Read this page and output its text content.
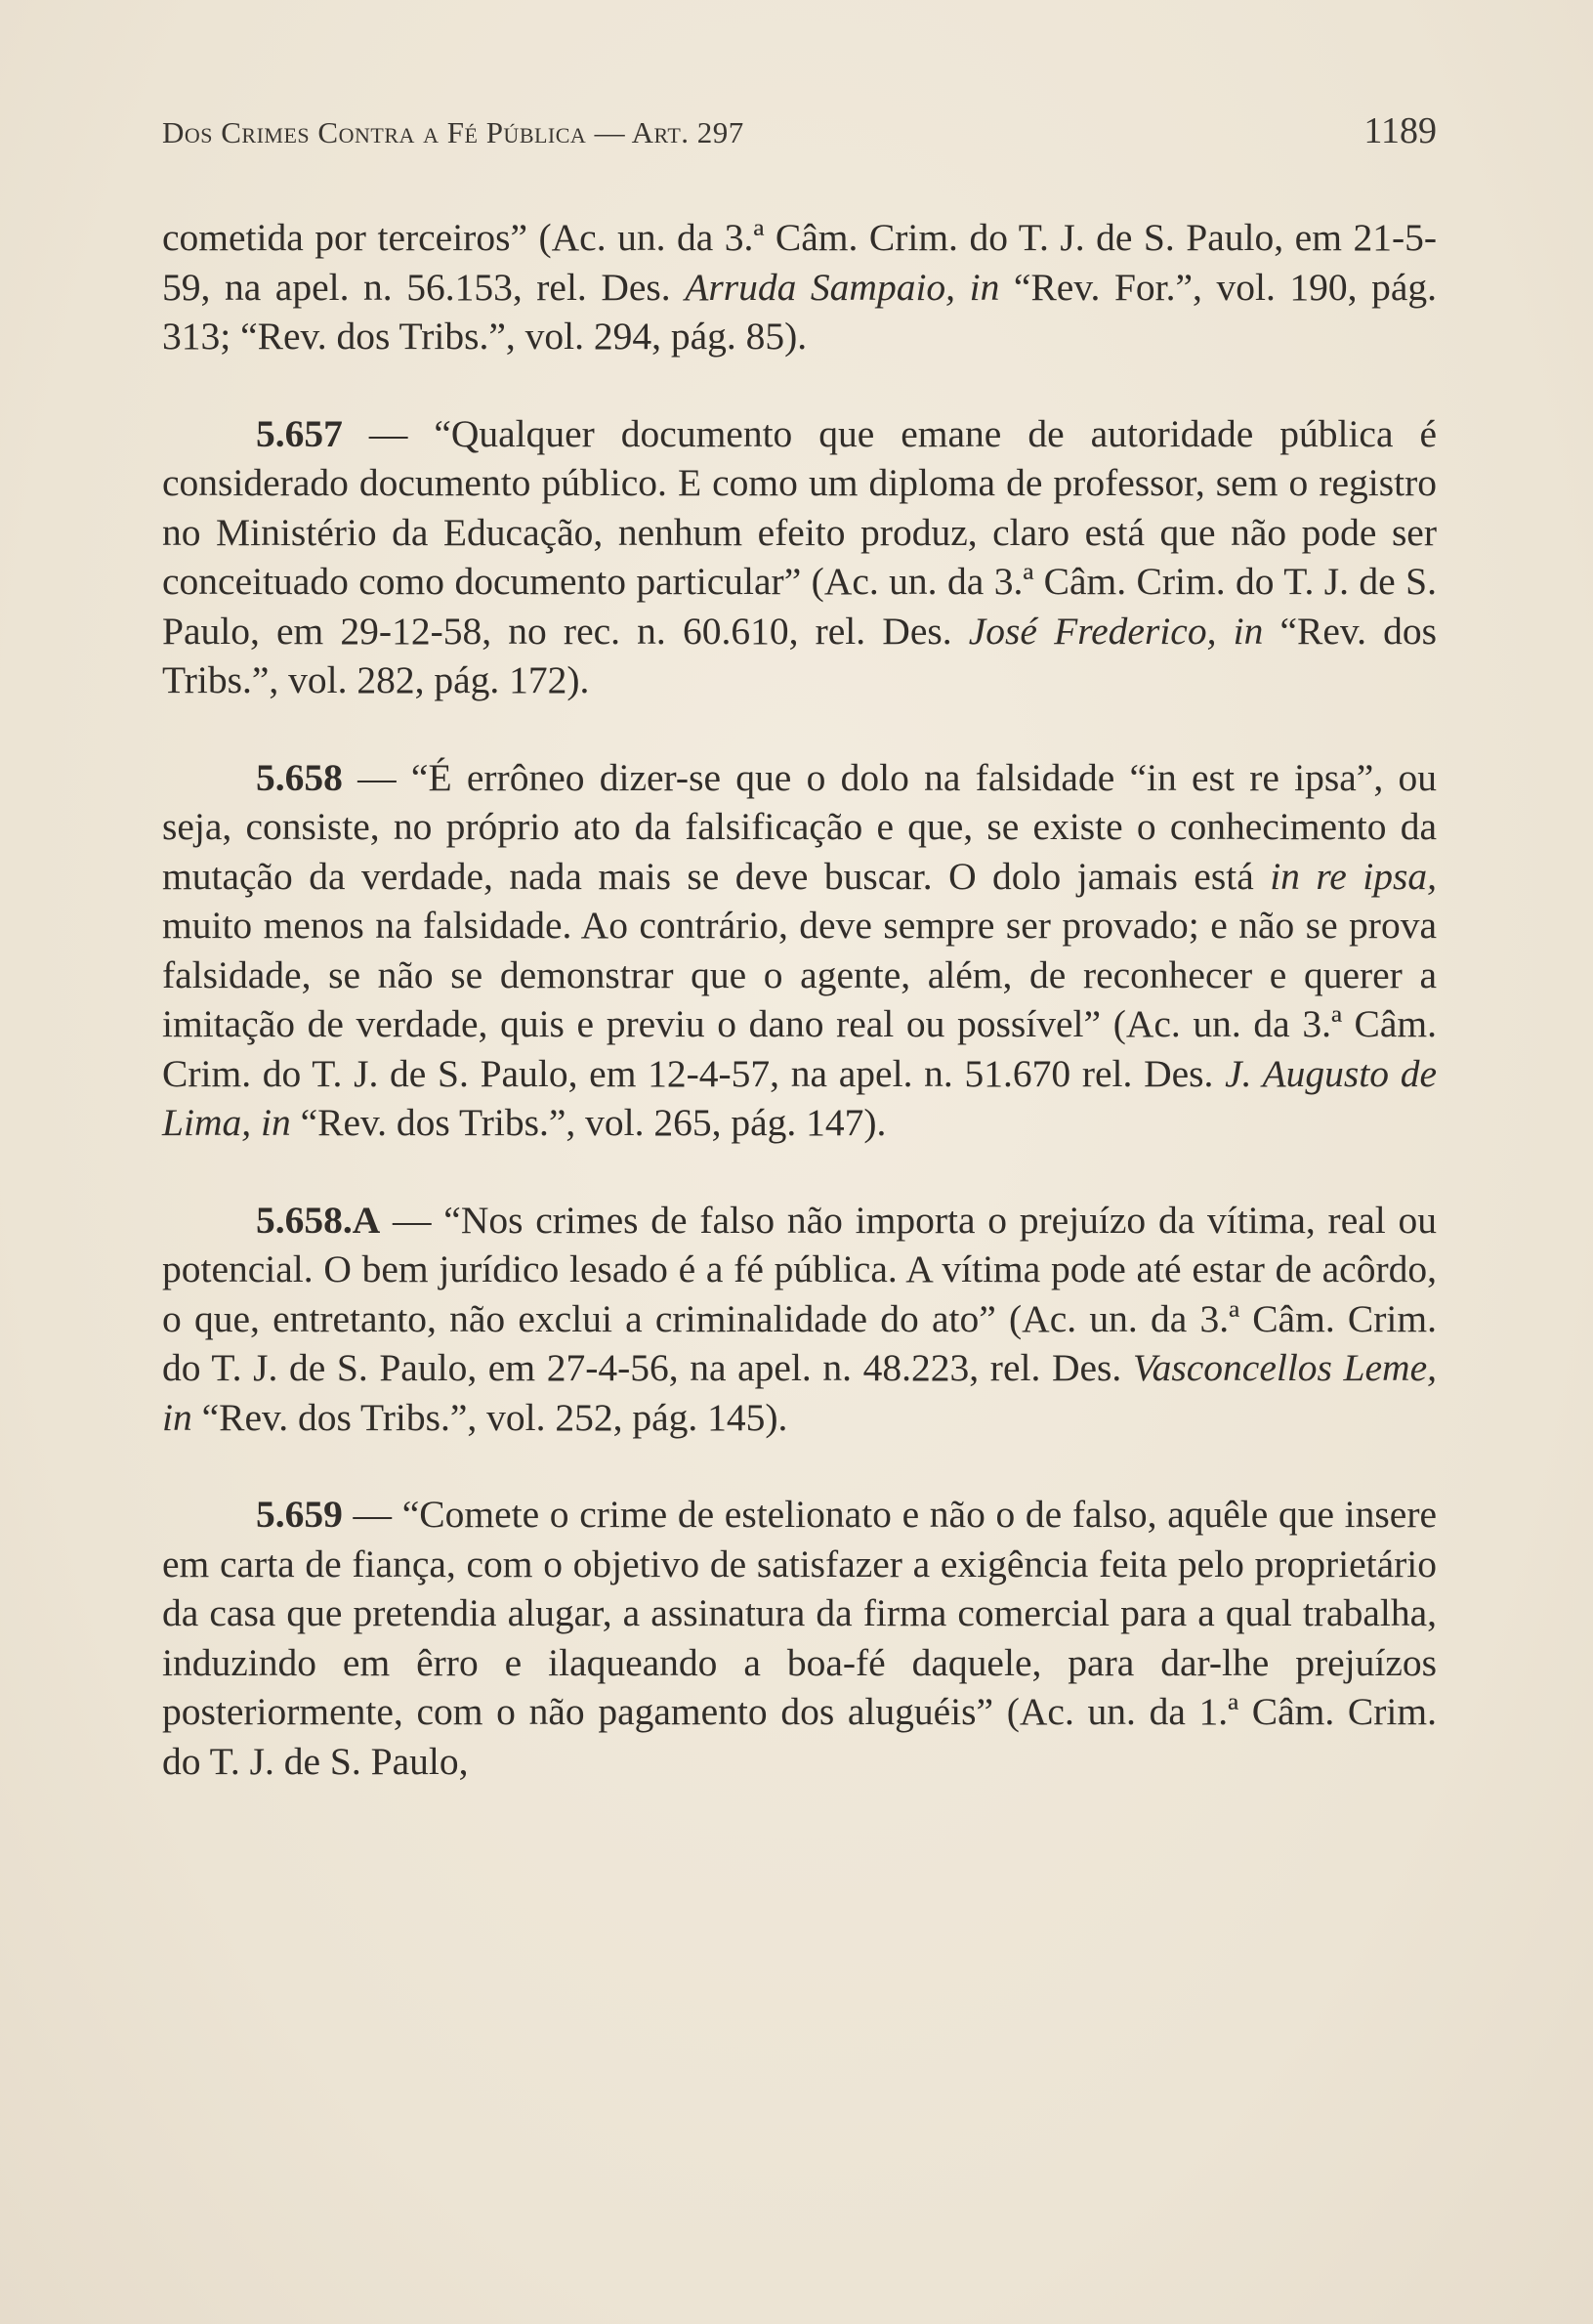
Dos Crimes Contra a Fé Pública — Art. 297	1189

cometida por terceiros” (Ac. un. da 3.ª Câm. Crim. do T. J. de S. Paulo, em 21-5-59, na apel. n. 56.153, rel. Des. Arruda Sampaio, in “Rev. For.”, vol. 190, pág. 313; “Rev. dos Tribs.”, vol. 294, pág. 85).

5.657 — “Qualquer documento que emane de autoridade pública é considerado documento público. E como um diploma de professor, sem o registro no Ministério da Educação, nenhum efeito produz, claro está que não pode ser conceituado como documento particular” (Ac. un. da 3.ª Câm. Crim. do T. J. de S. Paulo, em 29-12-58, no rec. n. 60.610, rel. Des. José Frederico, in “Rev. dos Tribs.”, vol. 282, pág. 172).

5.658 — “É errôneo dizer-se que o dolo na falsidade “in est re ipsa”, ou seja, consiste, no próprio ato da falsificação e que, se existe o conhecimento da mutação da verdade, nada mais se deve buscar. O dolo jamais está in re ipsa, muito menos na falsidade. Ao contrário, deve sempre ser provado; e não se prova falsidade, se não se demonstrar que o agente, além, de reconhecer e querer a imitação de verdade, quis e previu o dano real ou possível” (Ac. un. da 3.ª Câm. Crim. do T. J. de S. Paulo, em 12-4-57, na apel. n. 51.670 rel. Des. J. Augusto de Lima, in “Rev. dos Tribs.”, vol. 265, pág. 147).

5.658.A — “Nos crimes de falso não importa o prejuízo da vítima, real ou potencial. O bem jurídico lesado é a fé pública. A vítima pode até estar de acôrdo, o que, entretanto, não exclui a criminalidade do ato” (Ac. un. da 3.ª Câm. Crim. do T. J. de S. Paulo, em 27-4-56, na apel. n. 48.223, rel. Des. Vasconcellos Leme, in “Rev. dos Tribs.”, vol. 252, pág. 145).

5.659 — “Comete o crime de estelionato e não o de falso, aquêle que insere em carta de fiança, com o objetivo de satisfazer a exigência feita pelo proprietário da casa que pretendia alugar, a assinatura da firma comercial para a qual trabalha, induzindo em êrro e ilaqueando a boa-fé daquele, para dar-lhe prejuízos posteriormente, com o não pagamento dos aluguéis” (Ac. un. da 1.ª Câm. Crim. do T. J. de S. Paulo,
